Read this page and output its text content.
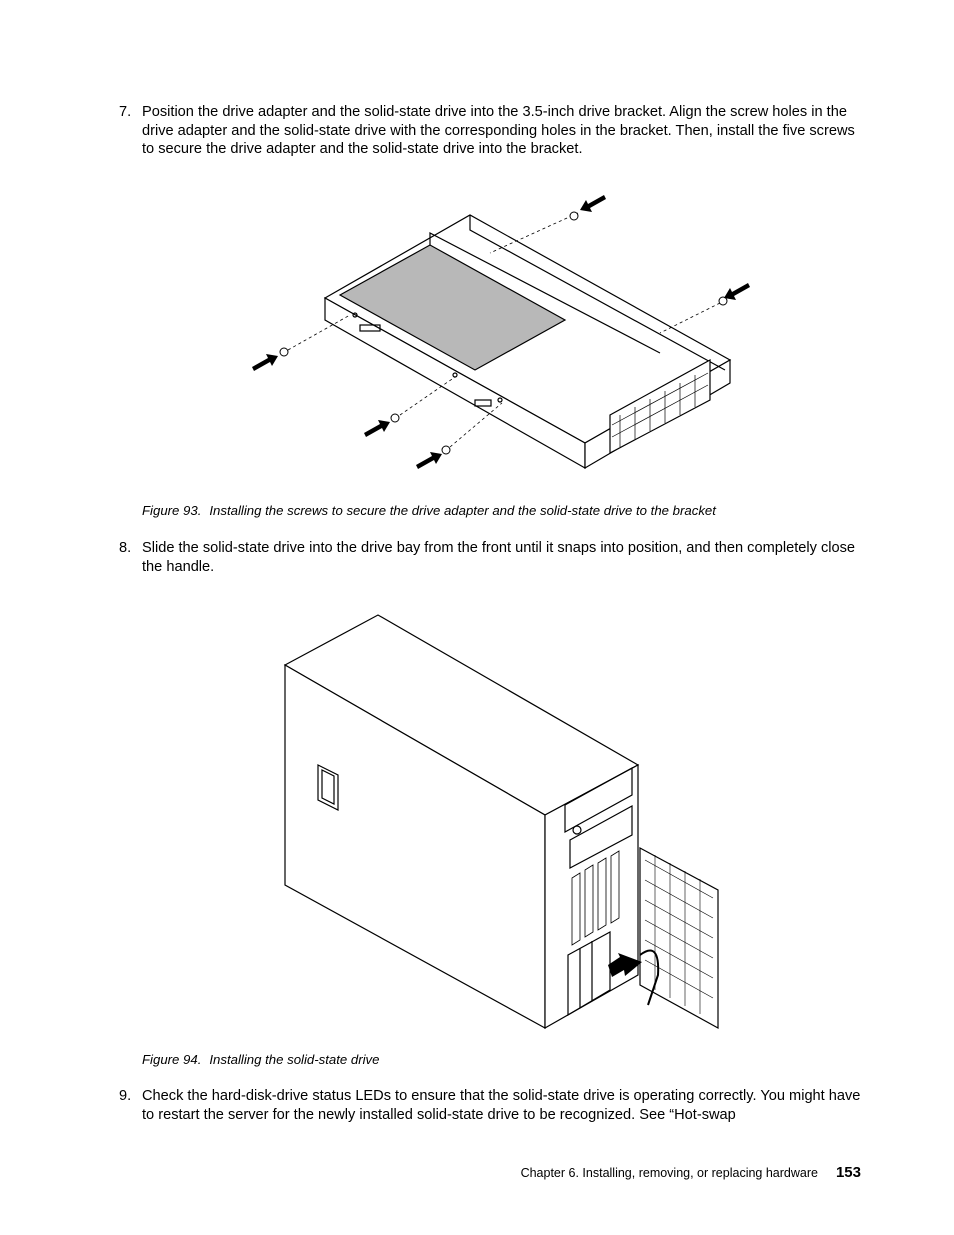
7. Position the drive adapter and the solid-state drive into the 3.5-inch drive bracket. Align the screw holes in the drive adapter and the solid-state drive with the corresponding holes in the bracket. Then, install the five screws to secure the drive adapter and the solid-state drive into the bracket.
Figure 93. Installing the screws to secure the drive adapter and the solid-state drive to the bracket
8. Slide the solid-state drive into the drive bay from the front until it snaps into position, and then completely close the handle.
Figure 94. Installing the solid-state drive
9. Check the hard-disk-drive status LEDs to ensure that the solid-state drive is operating correctly. You might have to restart the server for the newly installed solid-state drive to be recognized. See “Hot-swap
Chapter 6. Installing, removing, or replacing hardware 153
